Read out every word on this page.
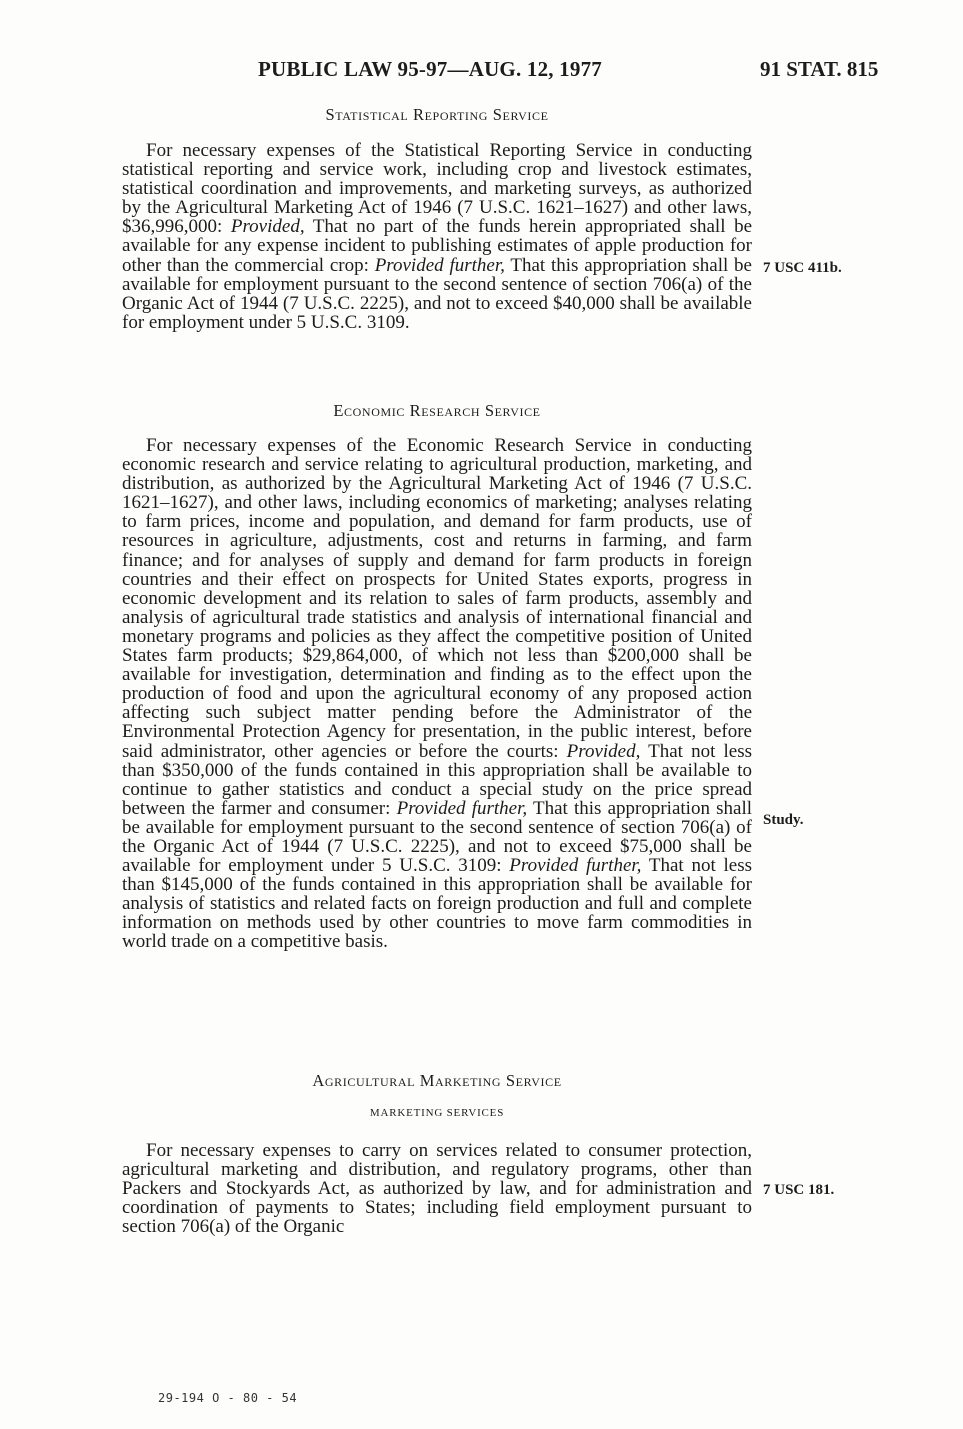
PUBLIC LAW 95-97—AUG. 12, 1977	91 STAT. 815
Statistical Reporting Service

For necessary expenses of the Statistical Reporting Service in conducting statistical reporting and service work, including crop and livestock estimates, statistical coordination and improvements, and marketing surveys, as authorized by the Agricultural Marketing Act of 1946 (7 U.S.C. 1621–1627) and other laws, $36,996,000: Provided, That no part of the funds herein appropriated shall be available for any expense incident to publishing estimates of apple production for other than the commercial crop: Provided further, That this appropriation shall be available for employment pursuant to the second sentence of section 706(a) of the Organic Act of 1944 (7 U.S.C. 2225), and not to exceed $40,000 shall be available for employment under 5 U.S.C. 3109.

7 USC 411b.
Economic Research Service

For necessary expenses of the Economic Research Service in conducting economic research and service relating to agricultural production, marketing, and distribution, as authorized by the Agricultural Marketing Act of 1946 (7 U.S.C. 1621–1627), and other laws, including economics of marketing; analyses relating to farm prices, income and population, and demand for farm products, use of resources in agriculture, adjustments, cost and returns in farming, and farm finance; and for analyses of supply and demand for farm products in foreign countries and their effect on prospects for United States exports, progress in economic development and its relation to sales of farm products, assembly and analysis of agricultural trade statistics and analysis of international financial and monetary programs and policies as they affect the competitive position of United States farm products; $29,864,000, of which not less than $200,000 shall be available for investigation, determination and finding as to the effect upon the production of food and upon the agricultural economy of any proposed action affecting such subject matter pending before the Administrator of the Environmental Protection Agency for presentation, in the public interest, before said administrator, other agencies or before the courts: Provided, That not less than $350,000 of the funds contained in this appropriation shall be available to continue to gather statistics and conduct a special study on the price spread between the farmer and consumer: Provided further, That this appropriation shall be available for employment pursuant to the second sentence of section 706(a) of the Organic Act of 1944 (7 U.S.C. 2225), and not to exceed $75,000 shall be available for employment under 5 U.S.C. 3109: Provided further, That not less than $145,000 of the funds contained in this appropriation shall be available for analysis of statistics and related facts on foreign production and full and complete information on methods used by other countries to move farm commodities in world trade on a competitive basis.

Study.
Agricultural Marketing Service
MARKETING SERVICES

For necessary expenses to carry on services related to consumer protection, agricultural marketing and distribution, and regulatory programs, other than Packers and Stockyards Act, as authorized by law, and for administration and coordination of payments to States; including field employment pursuant to section 706(a) of the Organic

7 USC 181.
29-194 O - 80 - 54
